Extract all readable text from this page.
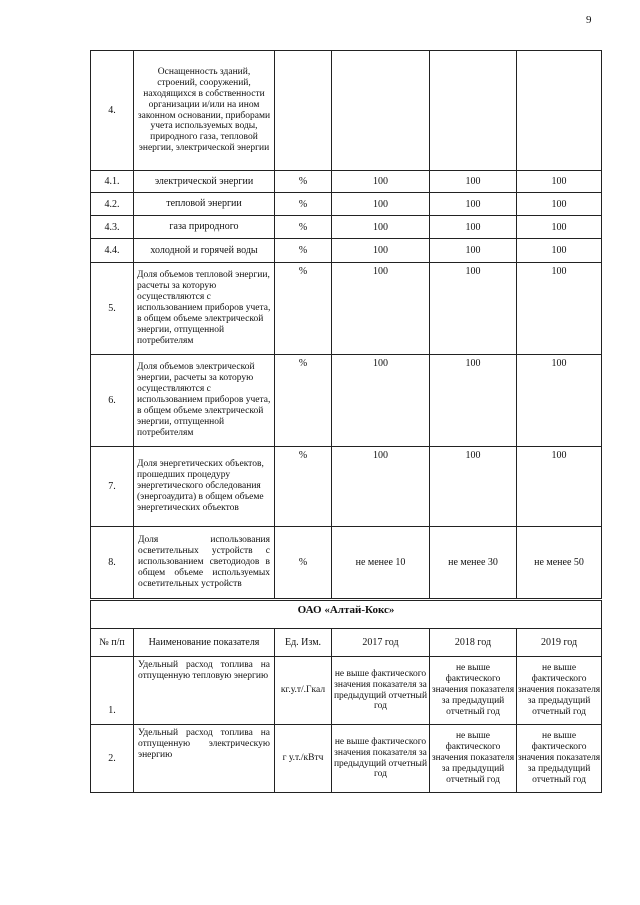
9
4.	Оснащенность зданий, строений, сооружений, находящихся в собственности организации и/или на ином законном основании, приборами учета используемых воды, природного газа, тепловой энергии, электрической энергии				
4.1.	электрической энергии	%	100	100	100
4.2.	тепловой энергии	%	100	100	100
4.3.	газа природного	%	100	100	100
4.4.	холодной и горячей воды	%	100	100	100
5.	Доля объемов тепловой энергии, расчеты за которую осуществляются с использованием приборов учета, в общем объеме электрической энергии, отпущенной потребителям	%	100	100	100
6.	Доля объемов электрической энергии, расчеты за которую осуществляются с использованием приборов учета, в общем объеме электрической энергии, отпущенной потребителям	%	100	100	100
7.	Доля энергетических объектов, прошедших процедуру энергетического обследования (энергоаудита) в общем объеме энергетических объектов	%	100	100	100
8.	Доля использования осветительных устройств с использованием светодиодов в общем объеме используемых осветительных устройств	%	не менее 10	не менее 30	не менее 50
ОАО «Алтай-Кокс»					
№ п/п	Наименование показателя	Ед. Изм.	2017 год	2018 год	2019 год
1.	Удельный расход топлива на отпущенную тепловую энергию	кг.у.т/.Гкал	не выше фактического значения показателя за предыдущий отчетный год	не выше фактического значения показателя за предыдущий отчетный год	не выше фактического значения показателя за предыдущий отчетный год
2.	Удельный расход топлива на отпущенную электрическую энергию	г у.т./кВтч	не выше фактического значения показателя за предыдущий отчетный год	не выше фактического значения показателя за предыдущий отчетный год	не выше фактического значения показателя за предыдущий отчетный год
